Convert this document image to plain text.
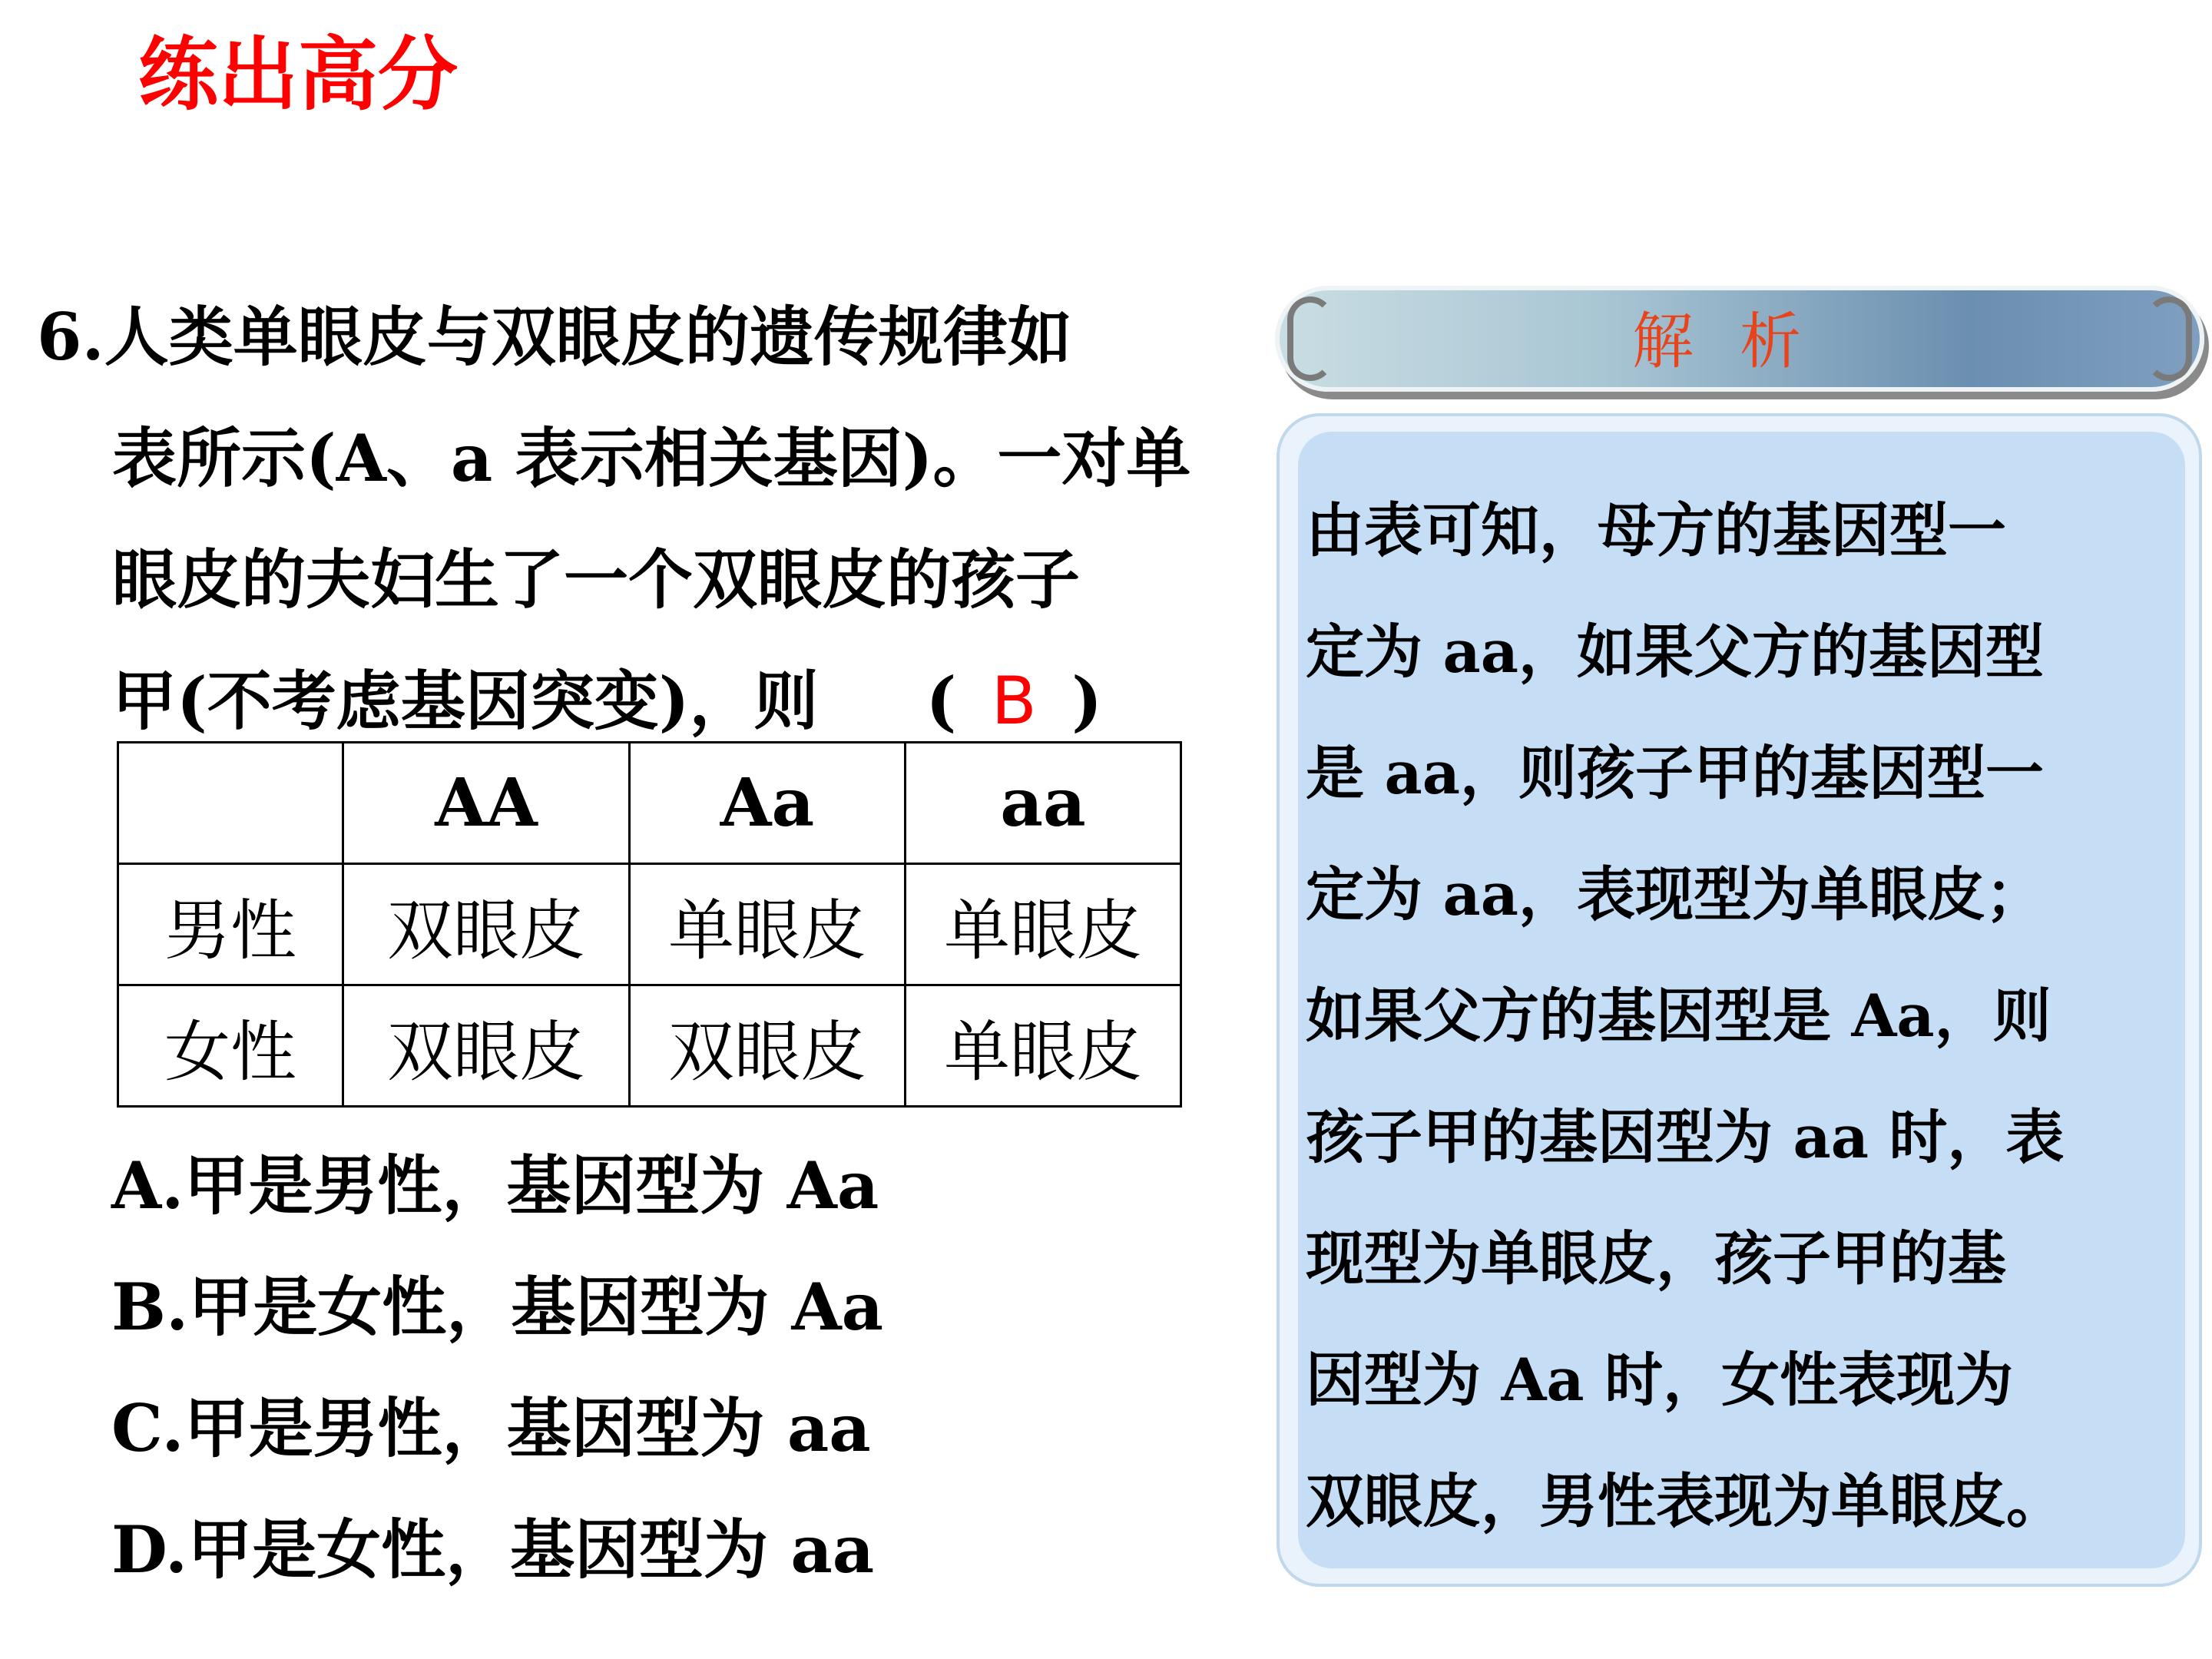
练出高分
6.人类单眼皮与双眼皮的遗传规律如
表所示(A、a 表示相关基因)。一对单
眼皮的夫妇生了一个双眼皮的孩子
甲(不考虑基因突变)，则 ( B )
	AA	Aa	aa
男性	双眼皮	单眼皮	单眼皮
女性	双眼皮	双眼皮	单眼皮
A.甲是男性，基因型为 Aa
B.甲是女性，基因型为 Aa
C.甲是男性，基因型为 aa
D.甲是女性，基因型为 aa
解析
由表可知，母方的基因型一
定为 aa，如果父方的基因型
是 aa，则孩子甲的基因型一
定为 aa，表现型为单眼皮；
如果父方的基因型是 Aa，则
孩子甲的基因型为 aa 时，表
现型为单眼皮，孩子甲的基
因型为 Aa 时，女性表现为
双眼皮，男性表现为单眼皮。
